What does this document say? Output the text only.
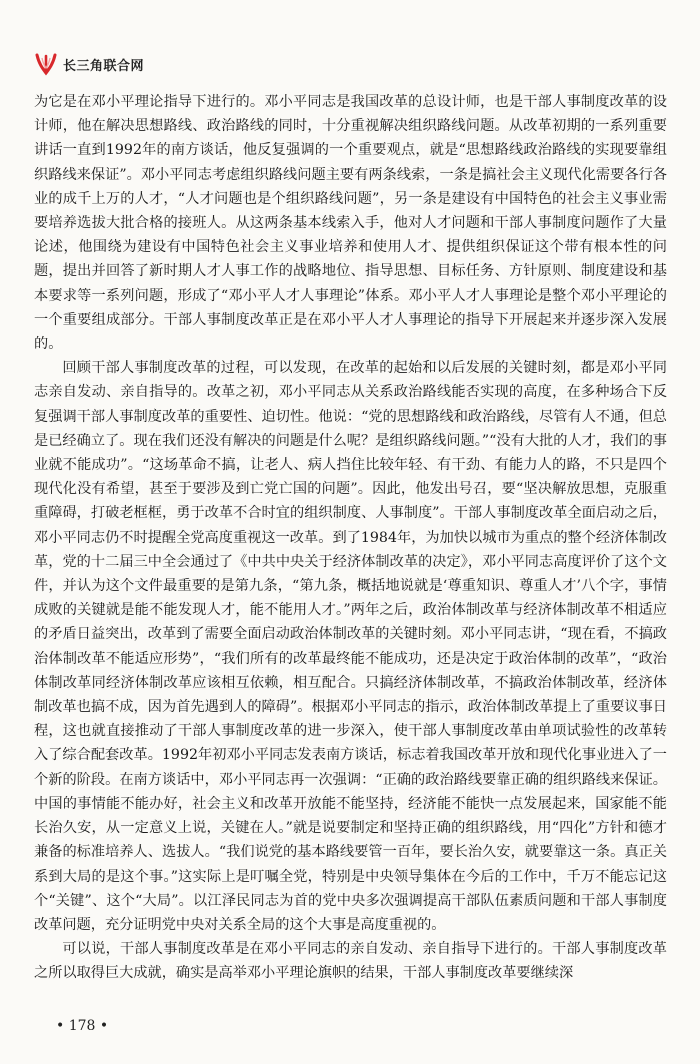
长三角联合网

为它是在邓小平理论指导下进行的。邓小平同志是我国改革的总设计师，也是干部人事制度改革的设计师，他在解决思想路线、政治路线的同时，十分重视解决组织路线问题。从改革初期的一系列重要讲话一直到1992年的南方谈话，他反复强调的一个重要观点，就是“思想路线政治路线的实现要靠组织路线来保证”。邓小平同志考虑组织路线问题主要有两条线索，一条是搞社会主义现代化需要各行各业的成千上万的人才，“人才问题也是个组织路线问题”，另一条是建设有中国特色的社会主义事业需要培养选拔大批合格的接班人。从这两条基本线索入手，他对人才问题和干部人事制度问题作了大量论述，他围绕为建设有中国特色社会主义事业培养和使用人才、提供组织保证这个带有根本性的问题，提出并回答了新时期人才人事工作的战略地位、指导思想、目标任务、方针原则、制度建设和基本要求等一系列问题，形成了“邓小平人才人事理论”体系。邓小平人才人事理论是整个邓小平理论的一个重要组成部分。干部人事制度改革正是在邓小平人才人事理论的指导下开展起来并逐步深入发展的。

回顾干部人事制度改革的过程，可以发现，在改革的起始和以后发展的关键时刻，都是邓小平同志亲自发动、亲自指导的。改革之初，邓小平同志从关系政治路线能否实现的高度，在多种场合下反复强调干部人事制度改革的重要性、迫切性。他说：“党的思想路线和政治路线，尽管有人不通，但总是已经确立了。现在我们还没有解决的问题是什么呢？是组织路线问题。”“没有大批的人才，我们的事业就不能成功”。“这场革命不搞，让老人、病人挡住比较年轻、有干劲、有能力人的路，不只是四个现代化没有希望，甚至于要涉及到亡党亡国的问题”。因此，他发出号召，要“坚决解放思想，克服重重障碍，打破老框框，勇于改革不合时宜的组织制度、人事制度”。干部人事制度改革全面启动之后，邓小平同志仍不时提醒全党高度重视这一改革。到了1984年，为加快以城市为重点的整个经济体制改革，党的十二届三中全会通过了《中共中央关于经济体制改革的决定》，邓小平同志高度评价了这个文件，并认为这个文件最重要的是第九条，“第九条，概括地说就是‘尊重知识、尊重人才’八个字，事情成败的关键就是能不能发现人才，能不能用人才。”两年之后，政治体制改革与经济体制改革不相适应的矛盾日益突出，改革到了需要全面启动政治体制改革的关键时刻。邓小平同志讲，“现在看，不搞政治体制改革不能适应形势”，“我们所有的改革最终能不能成功，还是决定于政治体制的改革”，“政治体制改革同经济体制改革应该相互依赖，相互配合。只搞经济体制改革，不搞政治体制改革，经济体制改革也搞不成，因为首先遇到人的障碍”。根据邓小平同志的指示，政治体制改革提上了重要议事日程，这也就直接推动了干部人事制度改革的进一步深入，使干部人事制度改革由单项试验性的改革转入了综合配套改革。1992年初邓小平同志发表南方谈话，标志着我国改革开放和现代化事业进入了一个新的阶段。在南方谈话中，邓小平同志再一次强调：“正确的政治路线要靠正确的组织路线来保证。中国的事情能不能办好，社会主义和改革开放能不能坚持，经济能不能快一点发展起来，国家能不能长治久安，从一定意义上说，关键在人。”就是说要制定和坚持正确的组织路线，用“四化”方针和德才兼备的标准培养人、选拔人。“我们说党的基本路线要管一百年，要长治久安，就要靠这一条。真正关系到大局的是这个事。”这实际上是叮嘱全党，特别是中央领导集体在今后的工作中，千万不能忘记这个“关键”、这个“大局”。以江泽民同志为首的党中央多次强调提高干部队伍素质问题和干部人事制度改革问题，充分证明党中央对关系全局的这个大事是高度重视的。

可以说，干部人事制度改革是在邓小平同志的亲自发动、亲自指导下进行的。干部人事制度改革之所以取得巨大成就，确实是高举邓小平理论旗帜的结果，干部人事制度改革要继续深

• 178 •
